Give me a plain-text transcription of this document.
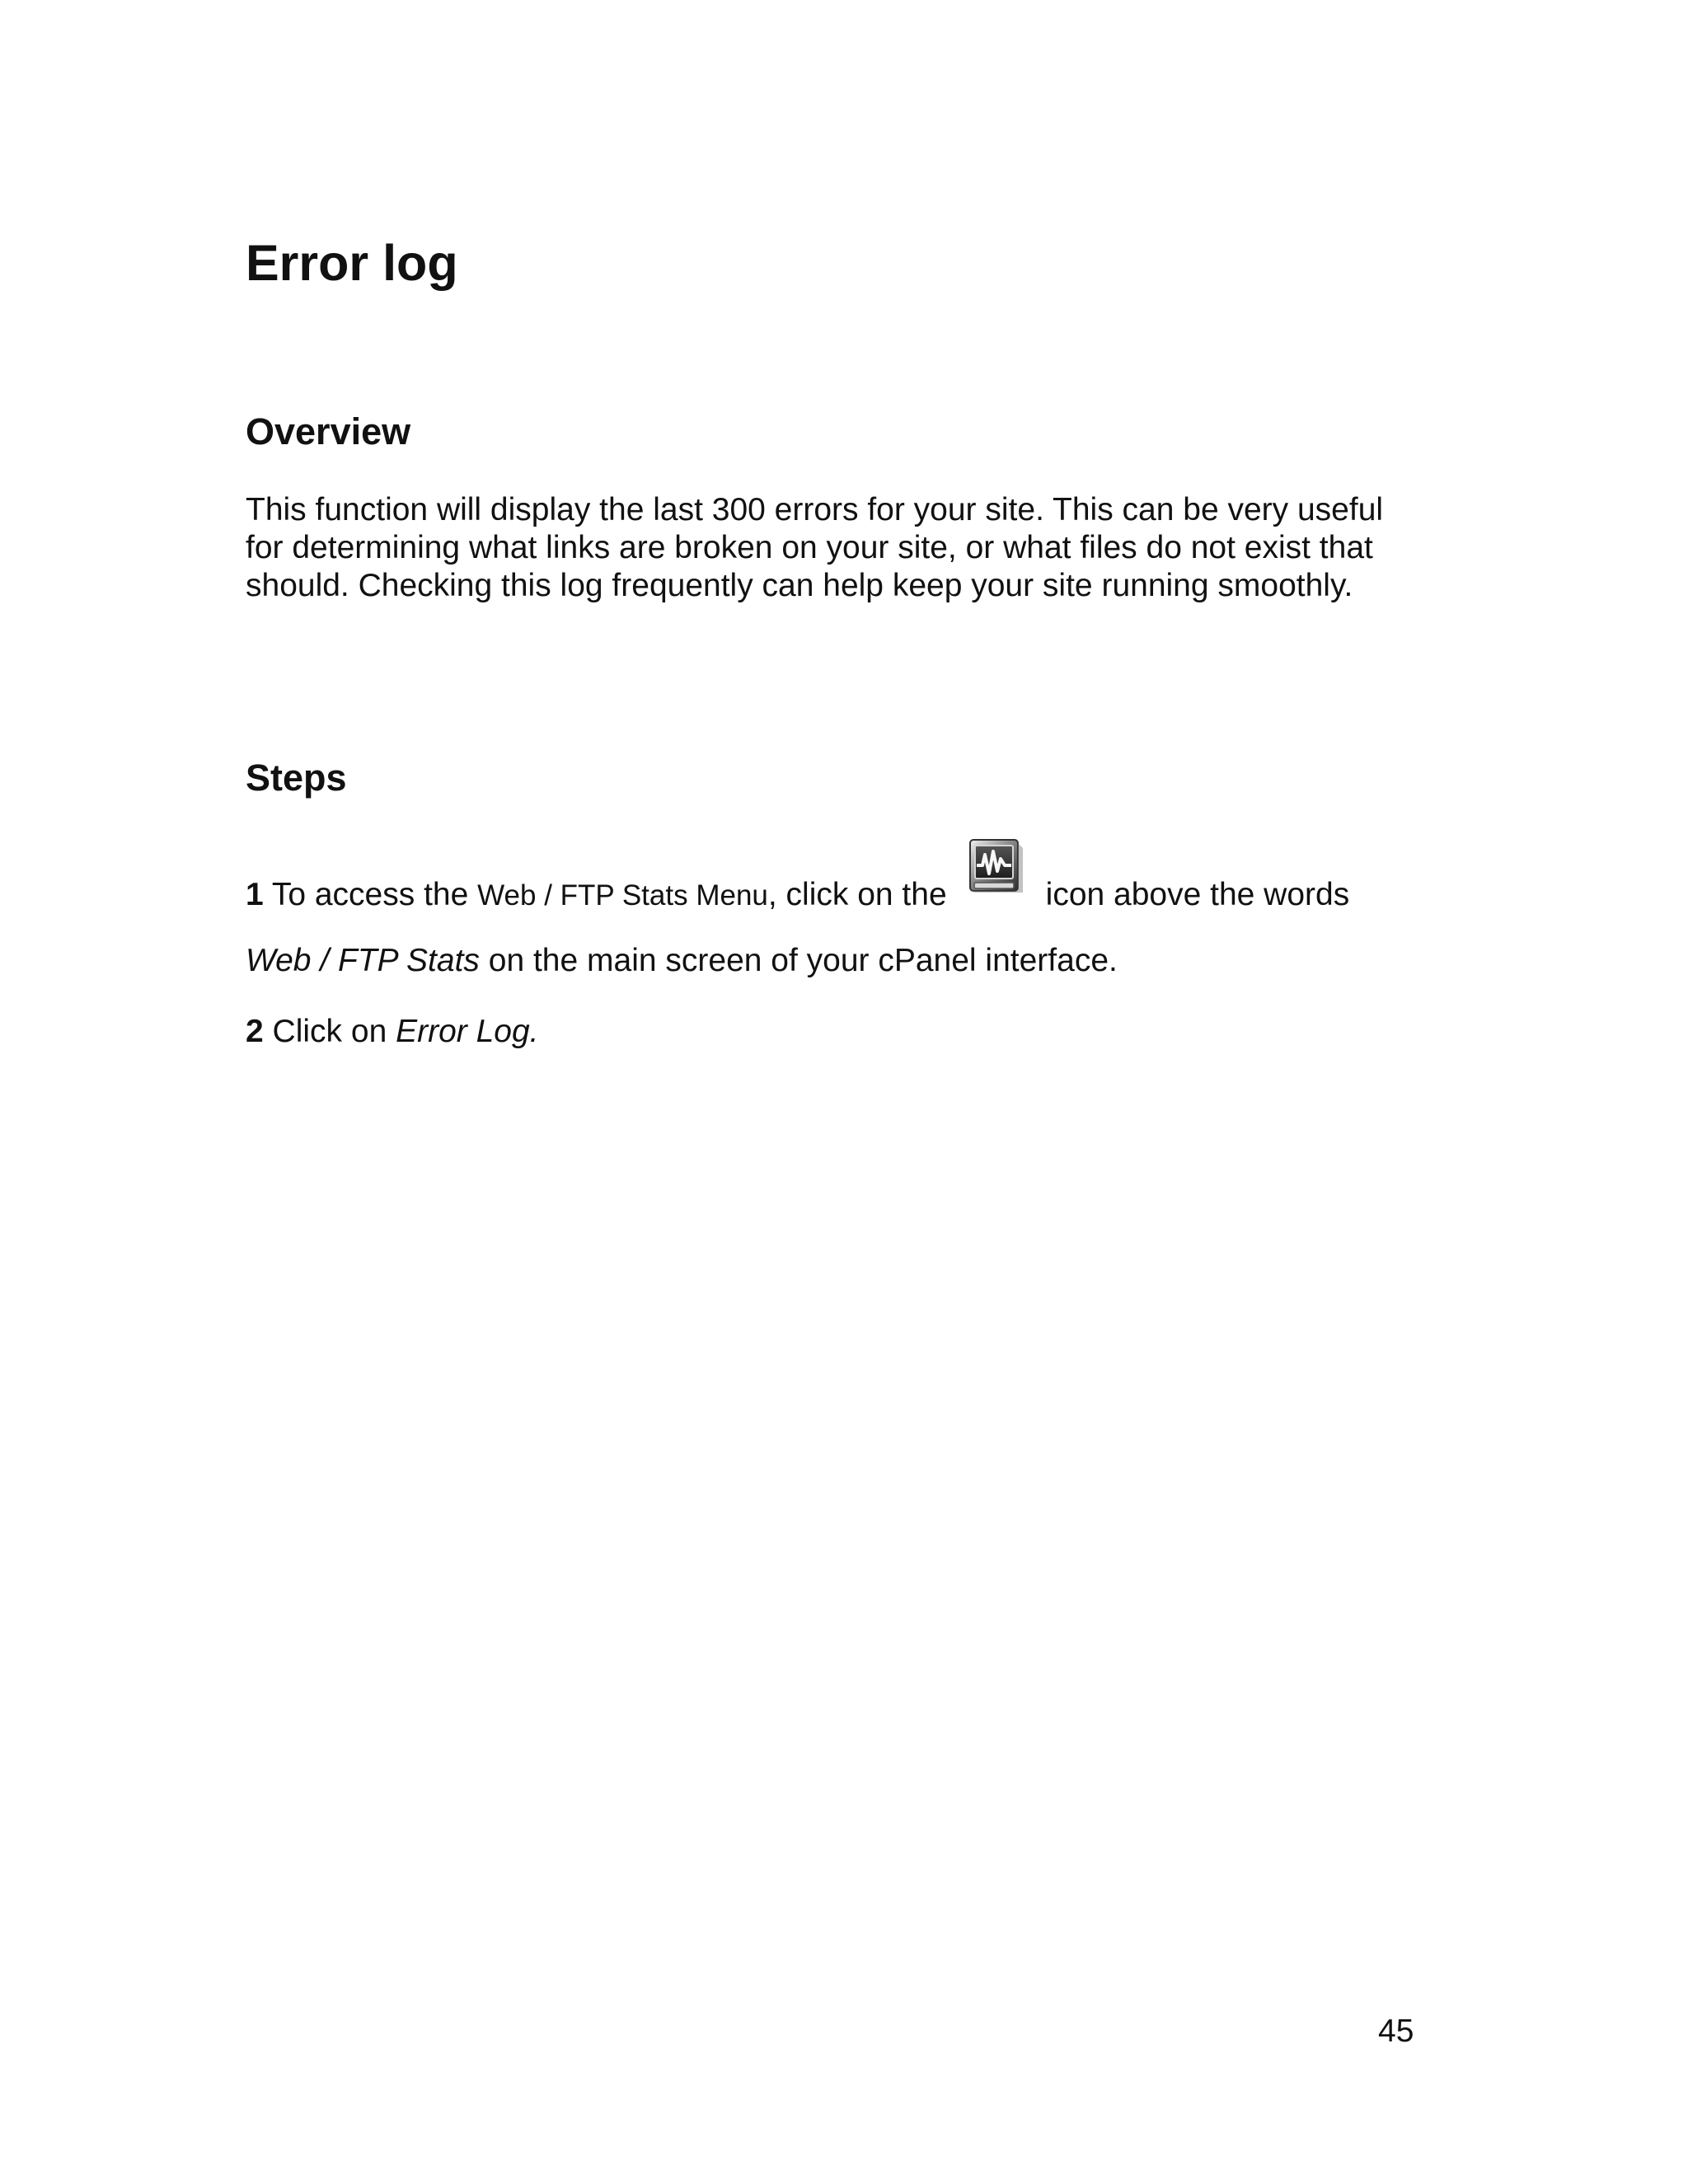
Error log
Overview

This function will display the last 300 errors for your site. This can be very useful
for determining what links are broken on your site, or what files do not exist that
should. Checking this log frequently can help keep your site running smoothly.

Steps

1 To access the Web / FTP Stats Menu, click on the	icon above the words

Web / FTP Stats on the main screen of your cPanel interface.

2 Click on Error Log.

45
